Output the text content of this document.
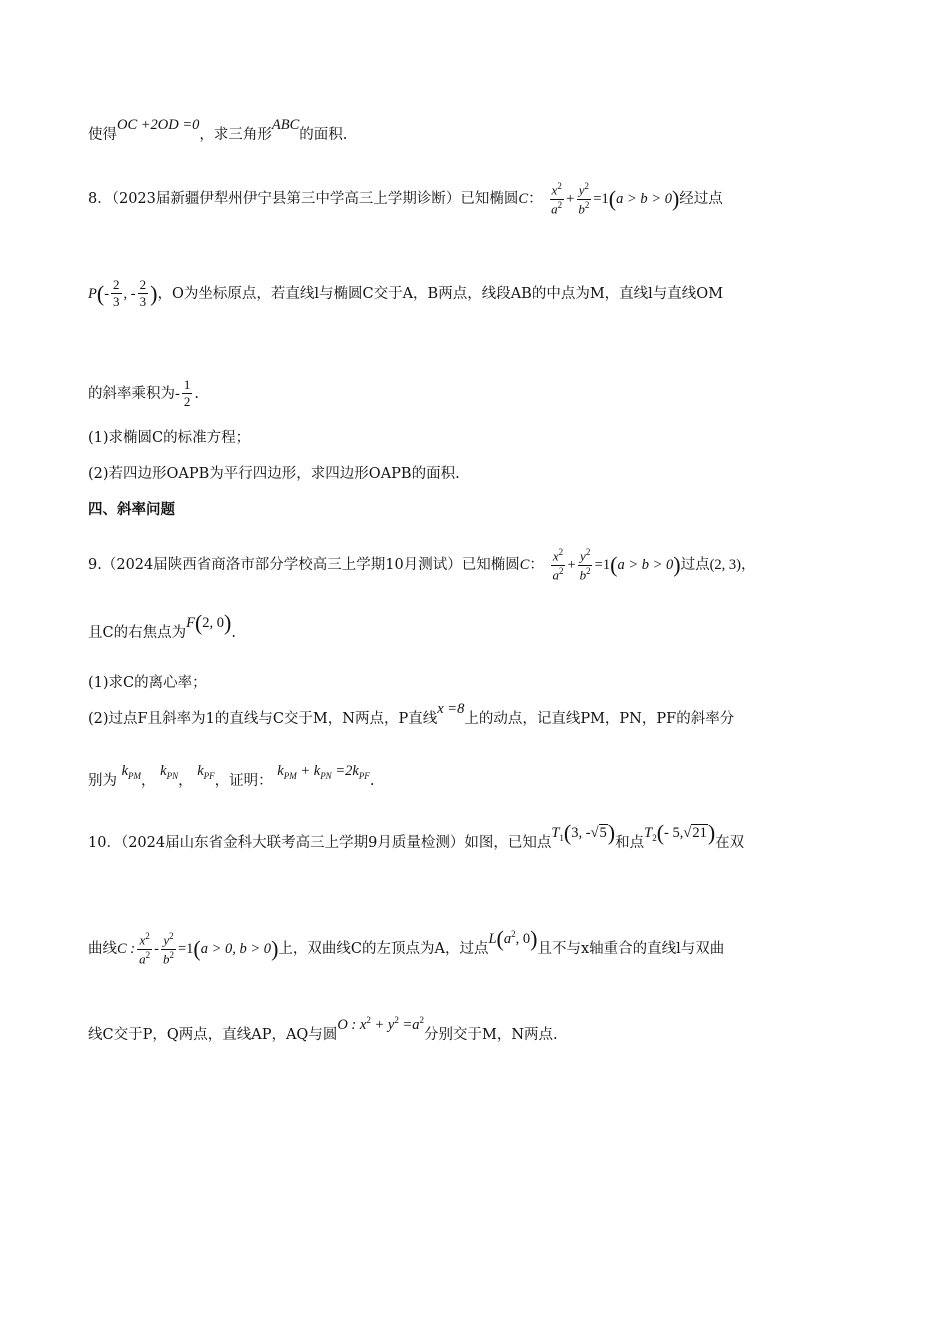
使得OC +2OD =0，求三角形ABC的面积.
8．（2023届新疆伊犁州伊宁县第三中学高三上学期诊断）已知椭圆C： $\frac{x^2}{a^2} + \frac{y^2}{b^2} =1(a > b > 0)$经过点
$P(- \frac{2}{3}$ , - $\frac{2}{3}$ )，O为坐标原点，若直线l与椭圆C交于A，B两点，线段AB的中点为M，直线l与直线OM
的斜率乘积为- $\frac{1}{2}$ .
(1)求椭圆C的标准方程；
(2)若四边形OAPB为平行四边形，求四边形OAPB的面积.
四、斜率问题
9.（2024届陕西省商洛市部分学校高三上学期10月测试）已知椭圆C： $\frac{x^2}{a^2} + \frac{y^2}{b^2} =1(a > b > 0)$过点(2, 3)，
且C的右焦点为F(2, 0).
(1)求C的离心率；
(2)过点F且斜率为1的直线与C交于M，N两点，P直线x =8上的动点，记直线PM，PN，PF的斜率分
别为 $k_{PM}$， $k_{PN}$， $k_{PF}$，证明： $k_{PM} + k_{PN} =2k_{PF}$.
10．（2024届山东省金科大联考高三上学期9月质量检测）如图，已知点$T_1(3$, -√5)和点$T_2(-$ 5,√21)在双
曲线C : $\frac{x^2}{a^2} - \frac{y^2}{b^2} =1(a > 0$, b > 0)上，双曲线C的左顶点为A，过点$L(a^2$, 0)且不与x轴重合的直线l与双曲
线C交于P，Q两点，直线AP，AQ与圆O : $x^2 + y^2 =a^2$分别交于M，N两点.
